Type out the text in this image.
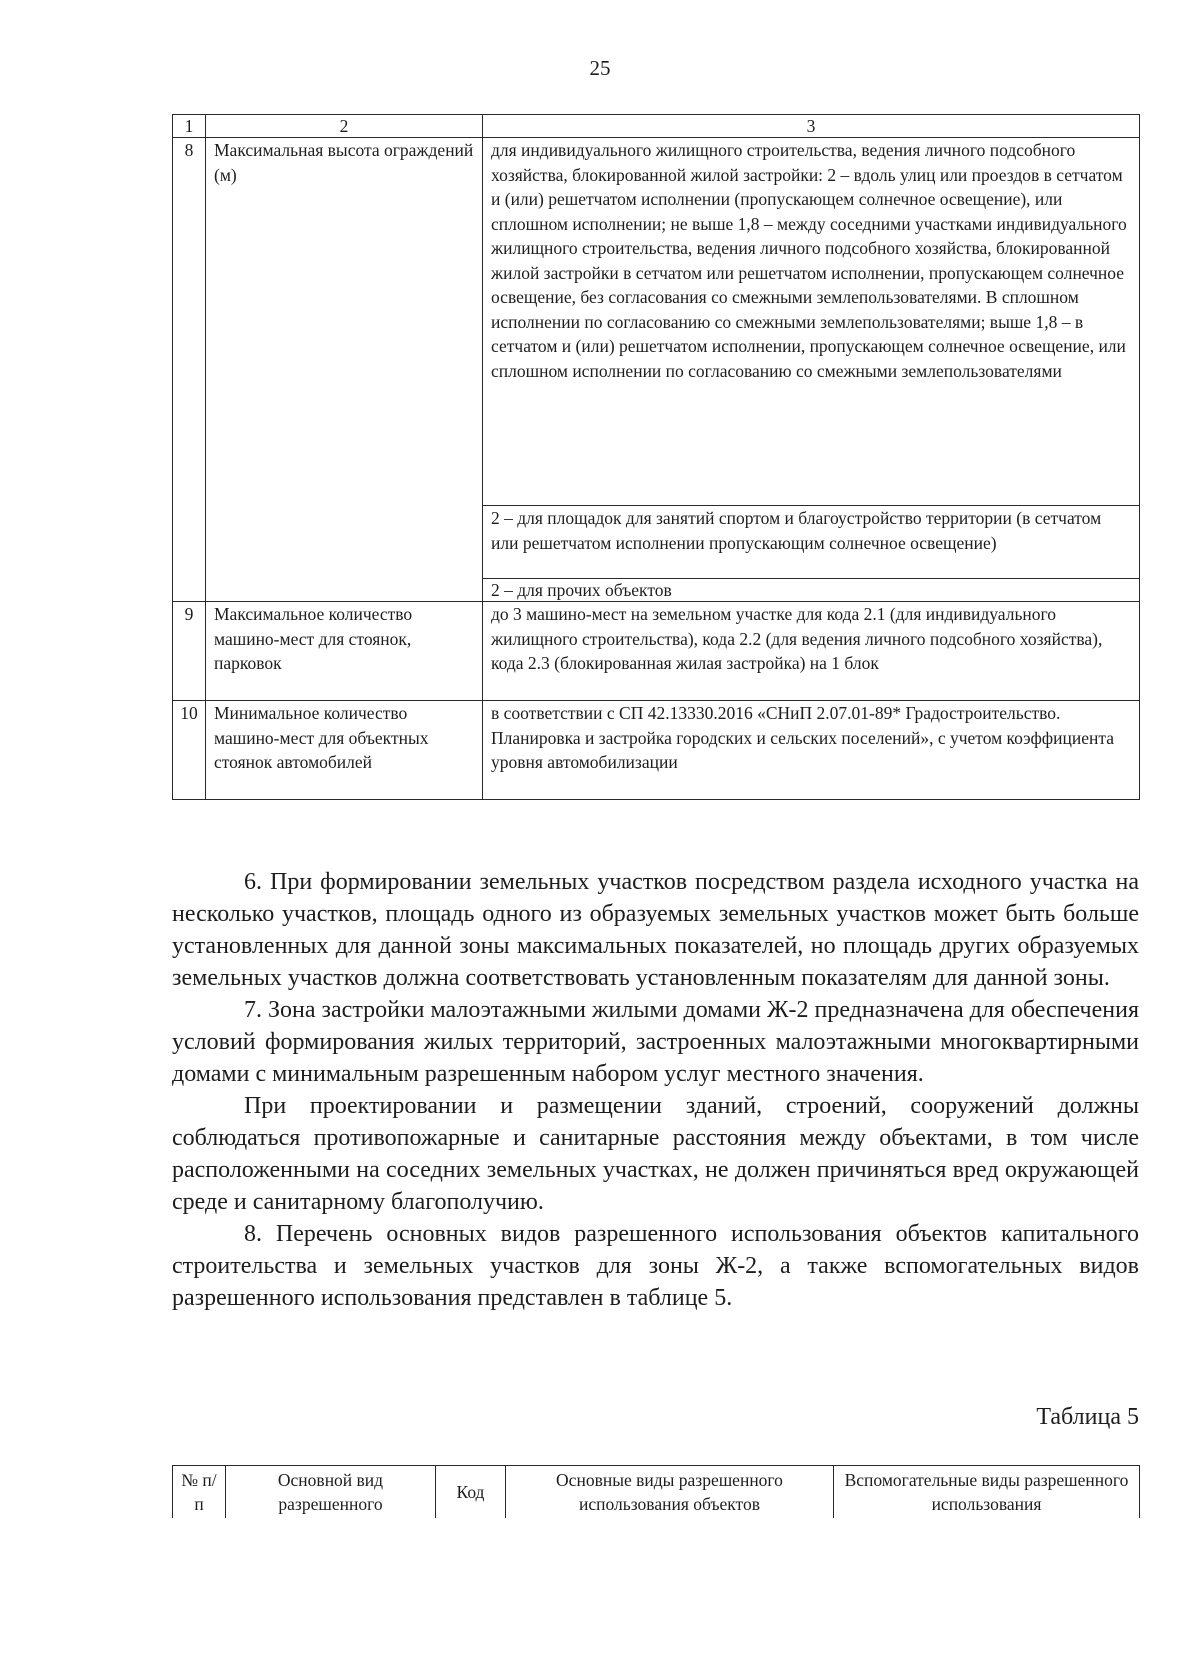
25
1	2	3
8	Максимальная высота ограждений (м)	для индивидуального жилищного строительства, ведения личного подсобного хозяйства, блокированной жилой застройки: 2 – вдоль улиц или проездов в сетчатом и (или) решетчатом исполнении (пропускающем солнечное освещение), или сплошном исполнении; не выше 1,8 – между соседними участками индивидуального жилищного строительства, ведения личного подсобного хозяйства, блокированной жилой застройки в сетчатом или решетчатом исполнении, пропускающем солнечное освещение, без согласования со смежными землепользователями. В сплошном исполнении по согласованию со смежными землепользователями; выше 1,8 – в сетчатом и (или) решетчатом исполнении, пропускающем солнечное освещение, или сплошном исполнении по согласованию со смежными землепользователями
		2 – для площадок для занятий спортом и благоустройство территории (в сетчатом или решетчатом исполнении пропускающим солнечное освещение)
		2 – для прочих объектов
9	Максимальное количество машино-мест для стоянок, парковок	до 3 машино-мест на земельном участке для кода 2.1 (для индивидуального жилищного строительства), кода 2.2 (для ведения личного подсобного хозяйства), кода 2.3 (блокированная жилая застройка) на 1 блок
10	Минимальное количество машино-мест для объектных стоянок автомобилей	в соответствии с СП 42.13330.2016 «СНиП 2.07.01-89* Градостроительство. Планировка и застройка городских и сельских поселений», с учетом коэффициента уровня автомобилизации

6. При формировании земельных участков посредством раздела исходного участка на несколько участков, площадь одного из образуемых земельных участков может быть больше установленных для данной зоны максимальных показателей, но площадь других образуемых земельных участков должна соответствовать установленным показателям для данной зоны.

7. Зона застройки малоэтажными жилыми домами Ж-2 предназначена для обеспечения условий формирования жилых территорий, застроенных малоэтажными многоквартирными домами с минимальным разрешенным набором услуг местного значения.

При проектировании и размещении зданий, строений, сооружений должны соблюдаться противопожарные и санитарные расстояния между объектами, в том числе расположенными на соседних земельных участках, не должен причиняться вред окружающей среде и санитарному благополучию.

8. Перечень основных видов разрешенного использования объектов капитального строительства и земельных участков для зоны Ж-2, а также вспомогательных видов разрешенного использования представлен в таблице 5.

Таблица 5
№ п/п	Основной вид разрешенного	Код	Основные виды разрешенного использования объектов	Вспомогательные виды разрешенного использования
